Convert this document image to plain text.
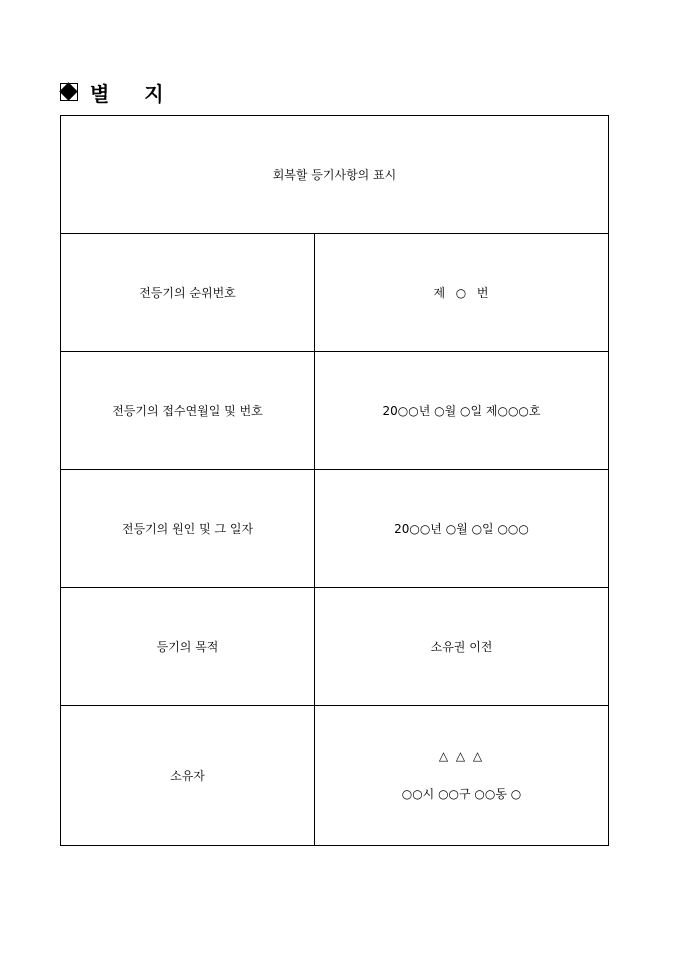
별 지
회복할 등기사항의 표시	
전등기의 순위번호	제  ○  번
전등기의 접수연월일 및 번호	20○○년 ○월 ○일 제○○○호
전등기의 원인 및 그 일자	20○○년 ○월 ○일 ○○○
등기의 목적	소유권 이전
소유자	△ △ △
○○시 ○○구 ○○동 ○
